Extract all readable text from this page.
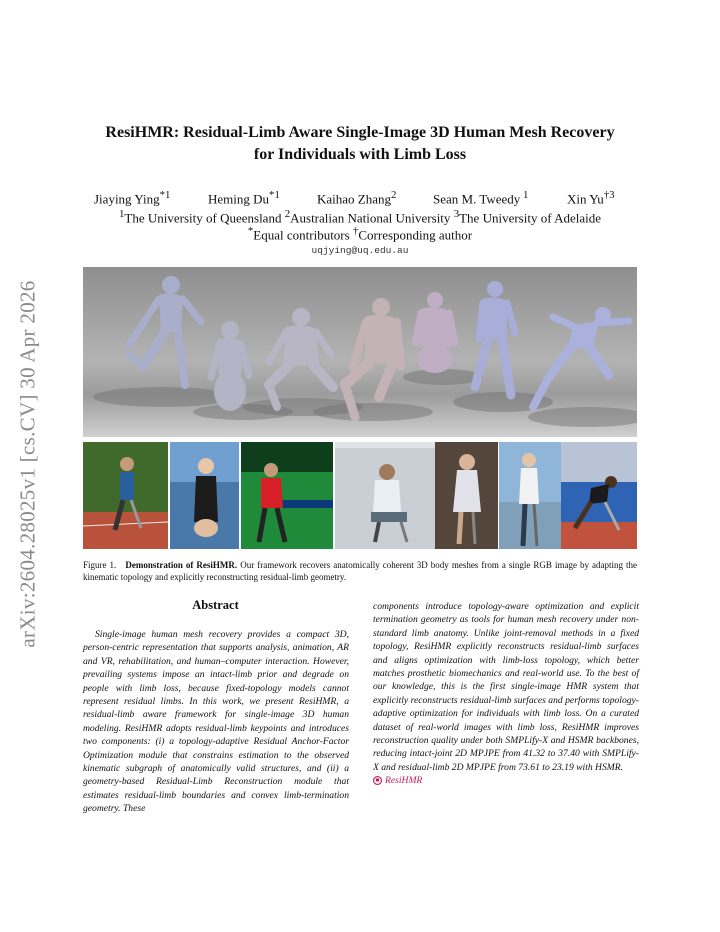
arXiv:2604.28025v1 [cs.CV] 30 Apr 2026
ResiHMR: Residual-Limb Aware Single-Image 3D Human Mesh Recovery
for Individuals with Limb Loss
Jiaying Ying$^{*1}$	Heming Du$^{*1}$	Kaihao Zhang$^2$	Sean M. Tweedy $^1$	Xin Yu$^{\dagger 3}$
$^1$The University of Queensland $^2$Australian National University $^3$The University of Adelaide
*Equal contributors †Corresponding author
uqjying@uq.edu.au
Figure 1. Demonstration of ResiHMR. Our framework recovers anatomically coherent 3D body meshes from a single RGB image by adapting the kinematic topology and explicitly reconstructing residual-limb geometry.
Abstract

Single-image human mesh recovery provides a compact 3D, person-centric representation that supports analysis, animation, AR and VR, rehabilitation, and human–computer interaction. However, prevailing systems impose an intact-limb prior and degrade on people with limb loss, because fixed-topology models cannot represent residual limbs. In this work, we present ResiHMR, a residual-limb aware framework for single-image 3D human modeling. ResiHMR adopts residual-limb keypoints and introduces two components: (i) a topology-adaptive Residual Anchor-Factor Optimization module that constrains estimation to the observed kinematic subgraph of anatomically valid structures, and (ii) a geometry-based Residual-Limb Reconstruction module that estimates residual-limb boundaries and convex limb-termination geometry. These

components introduce topology-aware optimization and explicit termination geometry as tools for human mesh recovery under non-standard limb anatomy. Unlike joint-removal methods in a fixed topology, ResiHMR explicitly reconstructs residual-limb surfaces and aligns optimization with limb-loss topology, which better matches prosthetic biomechanics and real-world use. To the best of our knowledge, this is the first single-image HMR system that explicitly reconstructs residual-limb surfaces and performs topology-adaptive optimization for individuals with limb loss. On a curated dataset of real-world images with limb loss, ResiHMR improves reconstruction quality under both SMPLify-X and HSMR backbones, reducing intact-joint 2D MPJPE from 41.32 to 37.40 with SMPLify-X and residual-limb 2D MPJPE from 73.61 to 23.19 with HSMR.

ResiHMR
